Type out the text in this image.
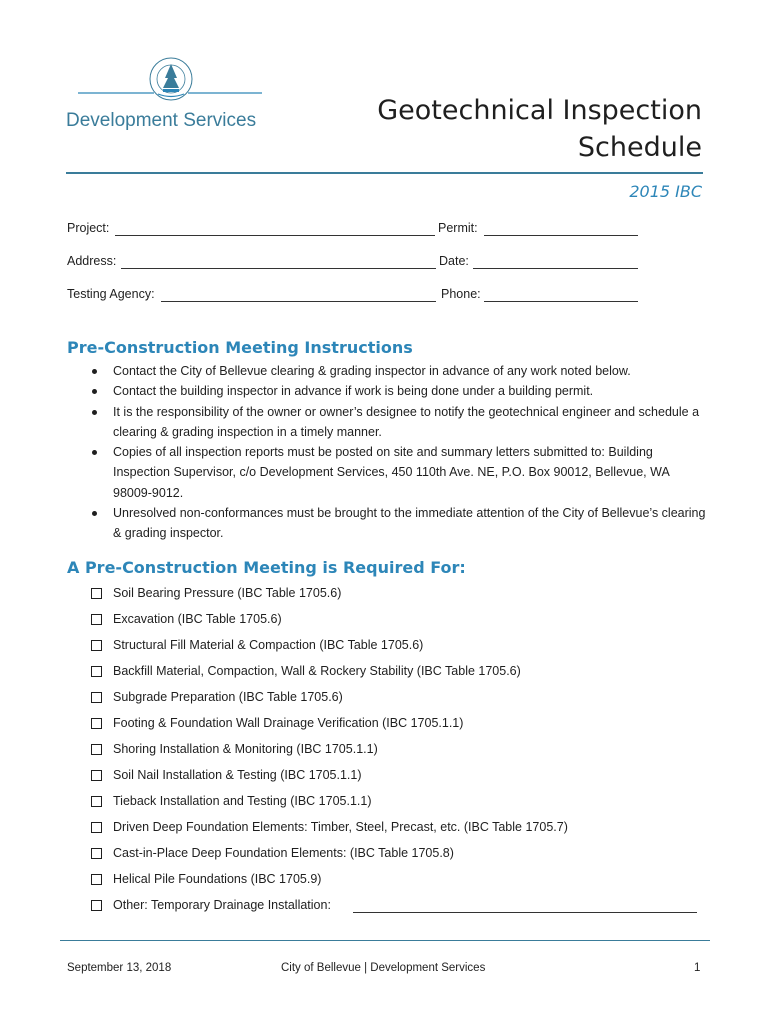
Development Services	Geotechnical Inspection
Schedule
2015 IBC
Project:	Permit:
Address:	Date:
Testing Agency:	Phone:
Pre-Construction Meeting Instructions
Contact the City of Bellevue clearing & grading inspector in advance of any work noted below.
Contact the building inspector in advance if work is being done under a building permit.
It is the responsibility of the owner or owner’s designee to notify the geotechnical engineer and schedule a clearing & grading inspection in a timely manner.
Copies of all inspection reports must be posted on site and summary letters submitted to: Building Inspection Supervisor, c/o Development Services, 450 110th Ave. NE, P.O. Box 90012, Bellevue, WA 98009-9012.
Unresolved non-conformances must be brought to the immediate attention of the City of Bellevue’s clearing & grading inspector.
A Pre-Construction Meeting is Required For:
Soil Bearing Pressure (IBC Table 1705.6)
Excavation (IBC Table 1705.6)
Structural Fill Material & Compaction (IBC Table 1705.6)
Backfill Material, Compaction, Wall & Rockery Stability (IBC Table 1705.6)
Subgrade Preparation (IBC Table 1705.6)
Footing & Foundation Wall Drainage Verification (IBC 1705.1.1)
Shoring Installation & Monitoring (IBC 1705.1.1)
Soil Nail Installation & Testing (IBC 1705.1.1)
Tieback Installation and Testing (IBC 1705.1.1)
Driven Deep Foundation Elements: Timber, Steel, Precast, etc. (IBC Table 1705.7)
Cast-in-Place Deep Foundation Elements: (IBC Table 1705.8)
Helical Pile Foundations (IBC 1705.9)
Other: Temporary Drainage Installation:
September 13, 2018	City of Bellevue | Development Services	1
